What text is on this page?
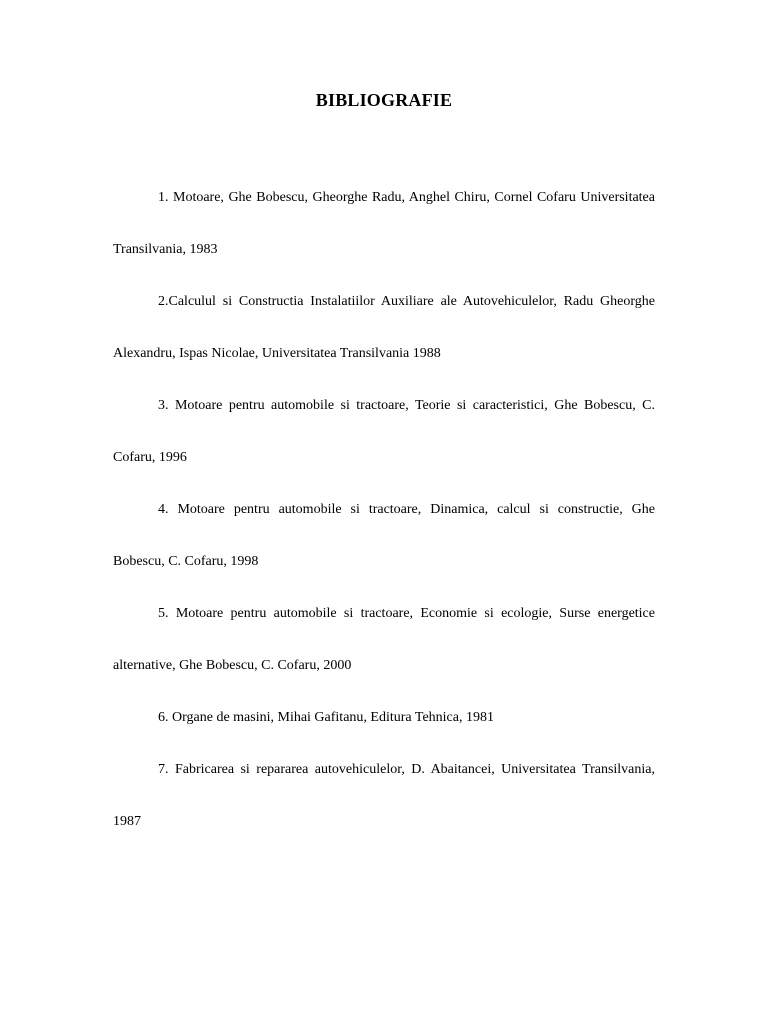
BIBLIOGRAFIE

1. Motoare, Ghe Bobescu, Gheorghe Radu, Anghel Chiru, Cornel Cofaru Universitatea Transilvania, 1983

2.Calculul si Constructia Instalatiilor Auxiliare ale Autovehiculelor, Radu Gheorghe Alexandru, Ispas Nicolae, Universitatea Transilvania 1988

3. Motoare pentru automobile si tractoare, Teorie si caracteristici, Ghe Bobescu, C. Cofaru, 1996

4. Motoare pentru automobile si tractoare, Dinamica, calcul si constructie, Ghe Bobescu, C. Cofaru, 1998

5. Motoare pentru automobile si tractoare, Economie si ecologie, Surse energetice alternative, Ghe Bobescu, C. Cofaru, 2000

6. Organe de masini, Mihai Gafitanu, Editura Tehnica, 1981

7. Fabricarea si repararea autovehiculelor, D. Abaitancei, Universitatea Transilvania, 1987
